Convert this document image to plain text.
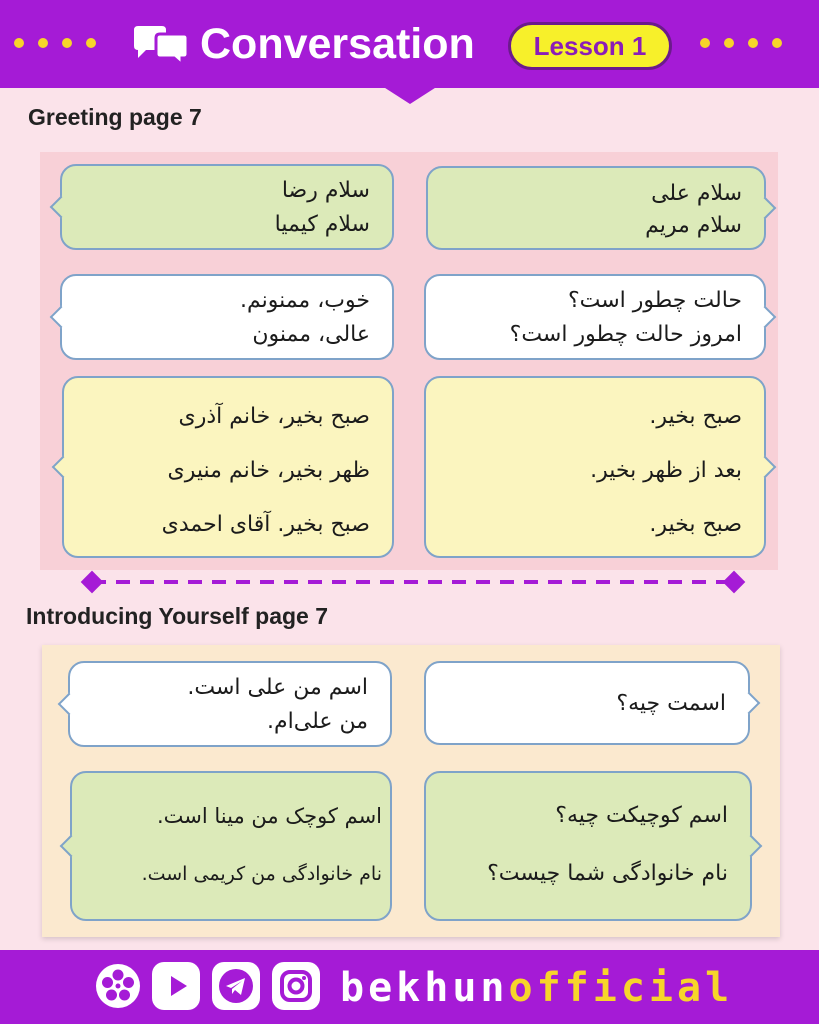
Conversation	Lesson 1
Greeting page 7
سلام علی
سلام مریم
سلام رضا
سلام کیمیا
حالت چطور است؟
امروز حالت چطور است؟
خوب، ممنونم.
عالی، ممنون
صبح بخیر.
بعد از ظهر بخیر.
صبح بخیر.
صبح بخیر، خانم آذری
ظهر بخیر، خانم منیری
صبح بخیر. آقای احمدی
Introducing Yourself page 7
اسمت چیه؟
اسم من علی است.
من علی‌ام.
اسم کوچیکت چیه؟
نام خانوادگی شما چیست؟
اسم کوچک من مینا است.
نام خانوادگی من کریمی است.
bekhunofficial
